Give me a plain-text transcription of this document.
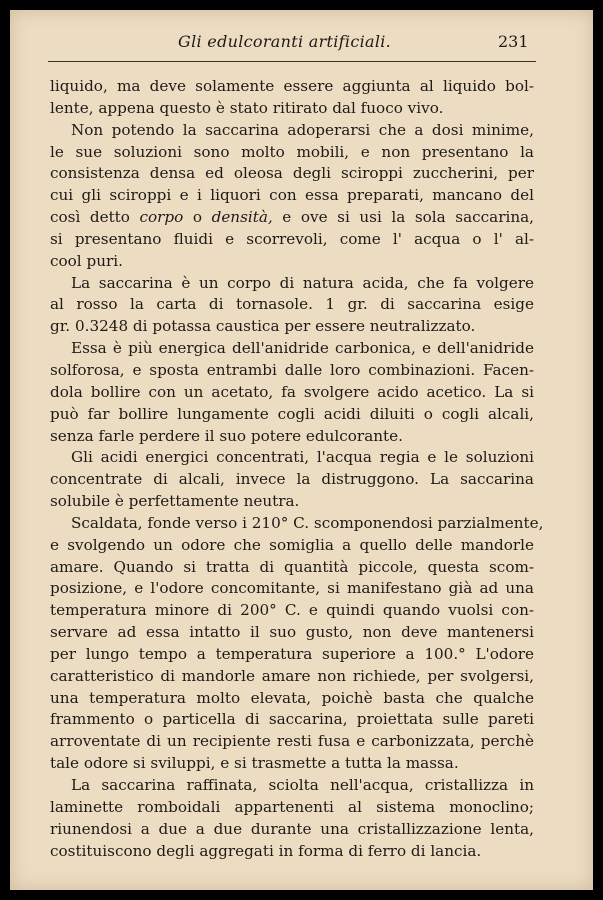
Gli edulcoranti artificiali.	231
liquido, ma deve solamente essere aggiunta al liquido bol-
lente, appena questo è stato ritirato dal fuoco vivo.
Non potendo la saccarina adoperarsi che a dosi minime,
le sue soluzioni sono molto mobili, e non presentano la
consistenza densa ed oleosa degli sciroppi zuccherini, per
cui gli sciroppi e i liquori con essa preparati, mancano del
così detto corpo o densità, e ove si usi la sola saccarina,
si presentano fluidi e scorrevoli, come l' acqua o l' al-
cool puri.
La saccarina è un corpo di natura acida, che fa volgere
al rosso la carta di tornasole. 1 gr. di saccarina esige
gr. 0.3248 di potassa caustica per essere neutralizzato.
Essa è più energica dell'anidride carbonica, e dell'anidride
solforosa, e sposta entrambi dalle loro combinazioni. Facen-
dola bollire con un acetato, fa svolgere acido acetico. La si
può far bollire lungamente cogli acidi diluiti o cogli alcali,
senza farle perdere il suo potere edulcorante.
Gli acidi energici concentrati, l'acqua regia e le soluzioni
concentrate di alcali, invece la distruggono. La saccarina
solubile è perfettamente neutra.
Scaldata, fonde verso i 210° C. scomponendosi parzialmente,
e svolgendo un odore che somiglia a quello delle mandorle
amare. Quando si tratta di quantità piccole, questa scom-
posizione, e l'odore concomitante, si manifestano già ad una
temperatura minore di 200° C. e quindi quando vuolsi con-
servare ad essa intatto il suo gusto, non deve mantenersi
per lungo tempo a temperatura superiore a 100.° L'odore
caratteristico di mandorle amare non richiede, per svolgersi,
una temperatura molto elevata, poichè basta che qualche
frammento o particella di saccarina, proiettata sulle pareti
arroventate di un recipiente resti fusa e carbonizzata, perchè
tale odore si sviluppi, e si trasmette a tutta la massa.
La saccarina raffinata, sciolta nell'acqua, cristallizza in
laminette romboidali appartenenti al sistema monoclino;
riunendosi a due a due durante una cristallizzazione lenta,
costituiscono degli aggregati in forma di ferro di lancia.
